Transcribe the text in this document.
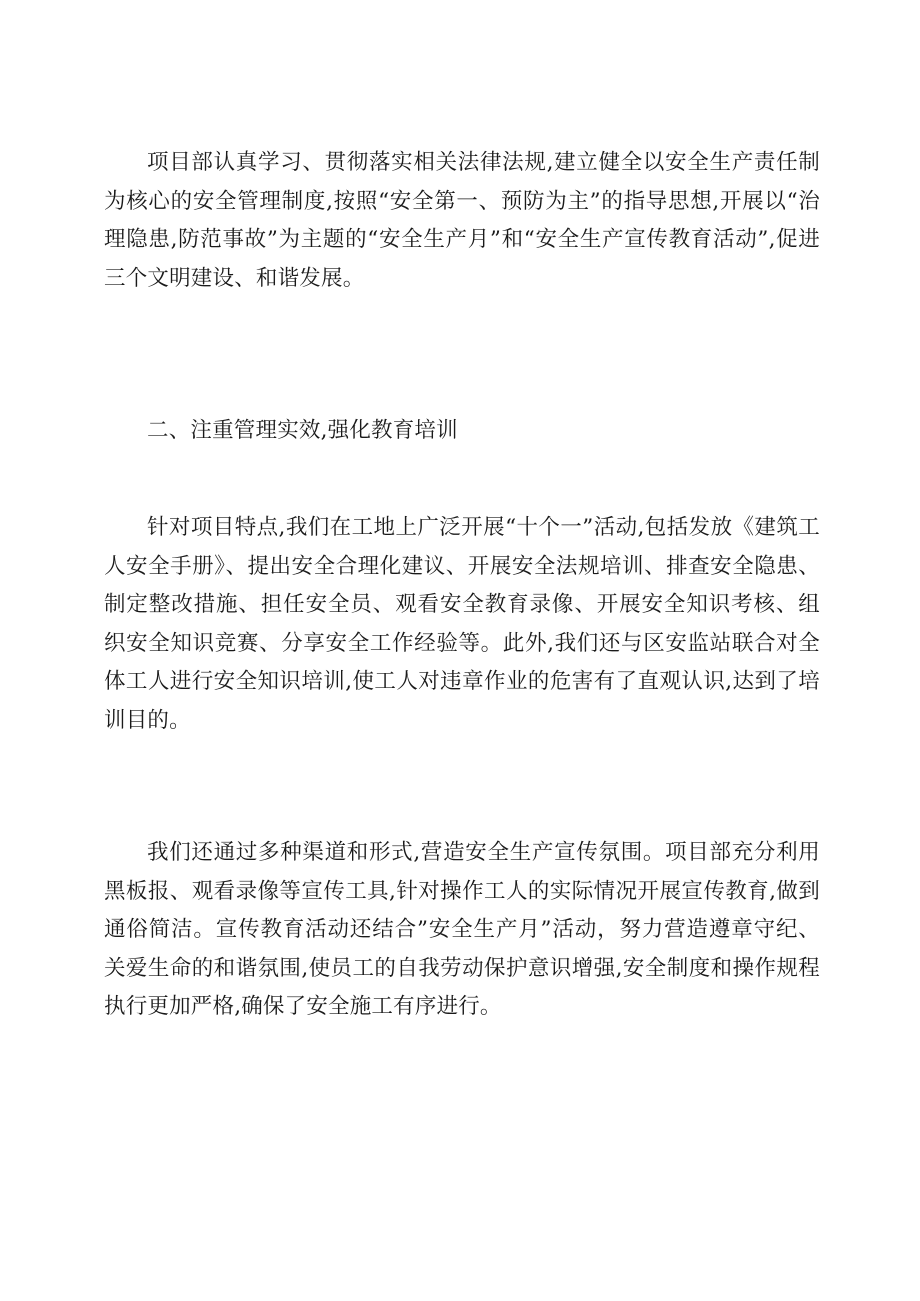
项目部认真学习、贯彻落实相关法律法规,建立健全以安全生产责任制为核心的安全管理制度,按照“安全第一、预防为主”的指导思想,开展以“治理隐患,防范事故”为主题的“安全生产月”和“安全生产宣传教育活动”,促进三个文明建设、和谐发展。

二、注重管理实效,强化教育培训

针对项目特点,我们在工地上广泛开展“十个一”活动,包括发放《建筑工人安全手册》、提出安全合理化建议、开展安全法规培训、排查安全隐患、制定整改措施、担任安全员、观看安全教育录像、开展安全知识考核、组织安全知识竞赛、分享安全工作经验等。此外,我们还与区安监站联合对全体工人进行安全知识培训,使工人对违章作业的危害有了直观认识,达到了培训目的。

我们还通过多种渠道和形式,营造安全生产宣传氛围。项目部充分利用黑板报、观看录像等宣传工具,针对操作工人的实际情况开展宣传教育,做到通俗简洁。宣传教育活动还结合”安全生产月”活动，努力营造遵章守纪、关爱生命的和谐氛围,使员工的自我劳动保护意识增强,安全制度和操作规程执行更加严格,确保了安全施工有序进行。
